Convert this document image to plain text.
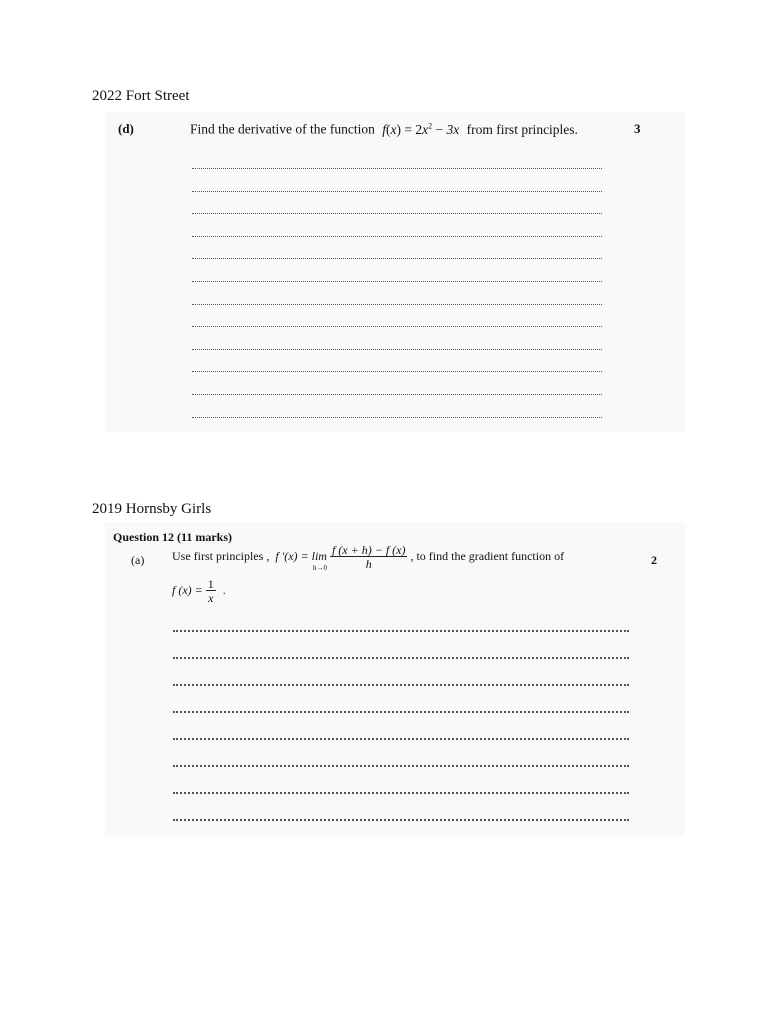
2022 Fort Street
(d)	Find the derivative of the function $f(x) = 2x^2 - 3x$ from first principles.	3
2019 Hornsby Girls
Question 12 (11 marks)
(a) Use first principles , f '(x) = lim
h→0
$\frac{f (x + h) - f (x)}{h}$ , to find the gradient function of	2
f $(x) = \frac{1}{x}$ .
